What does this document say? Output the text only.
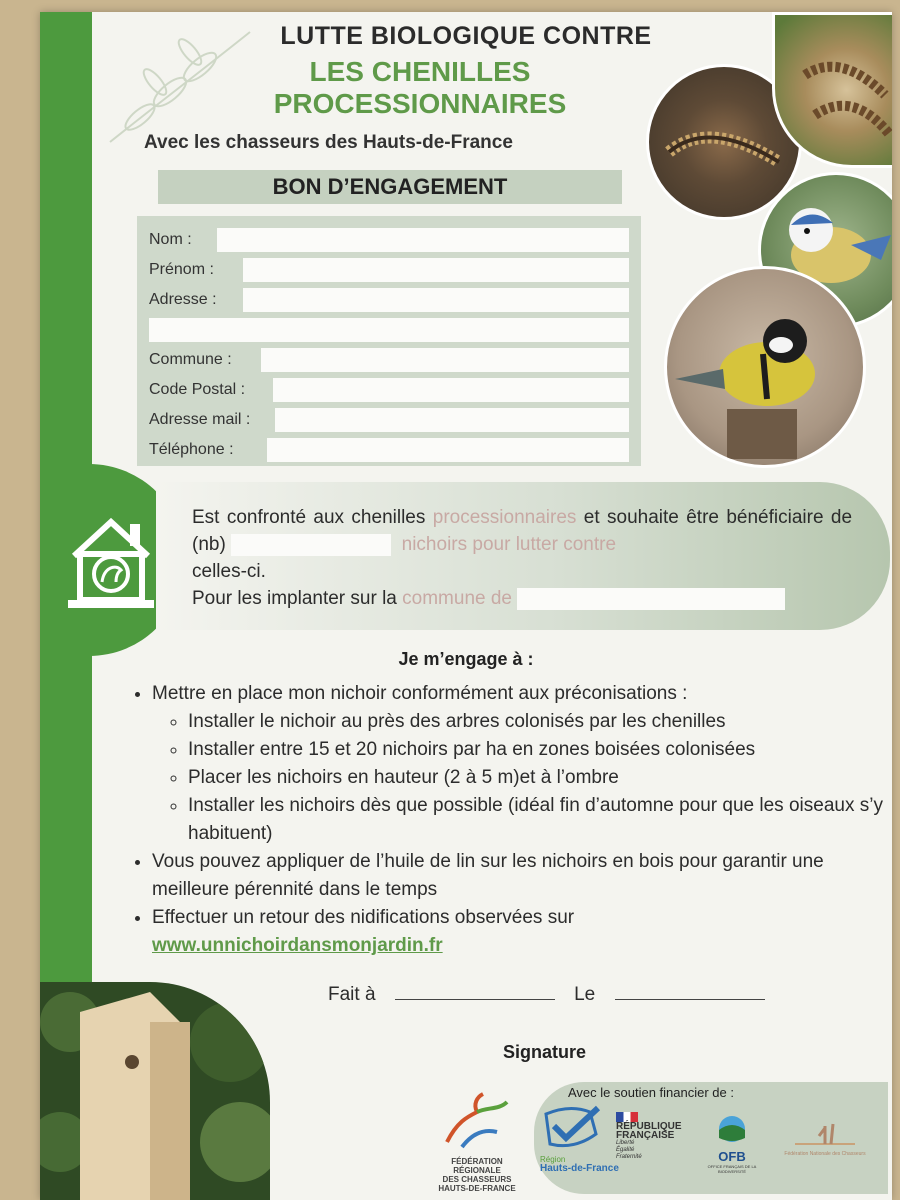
LUTTE BIOLOGIQUE CONTRE
LES CHENILLES PROCESSIONNAIRES
Avec les chasseurs des Hauts-de-France
BON D’ENGAGEMENT
Nom :
Prénom :
Adresse :
Commune :
Code Postal :
Adresse mail :
Téléphone :
Est confronté aux chenilles processionnaires et souhaite être bénéficiaire de (nb)	nichoirs pour lutter contre
celles-ci.
Pour les implanter sur la commune de
Je m’engage à :
• Mettre en place mon nichoir conformément aux préconisations :
◦ Installer le nichoir au près des arbres colonisés par les chenilles
◦ Installer entre 15 et 20 nichoirs par ha en zones boisées colonisées
◦ Placer les nichoirs en hauteur (2 à 5 m)et à l’ombre
◦ Installer les nichoirs dès que possible (idéal fin d’automne pour que les oiseaux s’y habituent)
• Vous pouvez appliquer de l’huile de lin sur les nichoirs en bois pour garantir une meilleure pérennité dans le temps
• Effectuer un retour des nidifications observées sur
www.unnichoirdansmonjardin.fr
Fait à	Le
Signature
FÉDÉRATION
RÉGIONALE
DES CHASSEURS
HAUTS-DE-FRANCE
Avec le soutien financier de :
Région
Hauts-de-France
RÉPUBLIQUE
FRANÇAISE
Liberté
Égalité
Fraternité	OFB
OFFICE FRANÇAIS DE LA BIODIVERSITÉ
Fédération Nationale des Chasseurs
